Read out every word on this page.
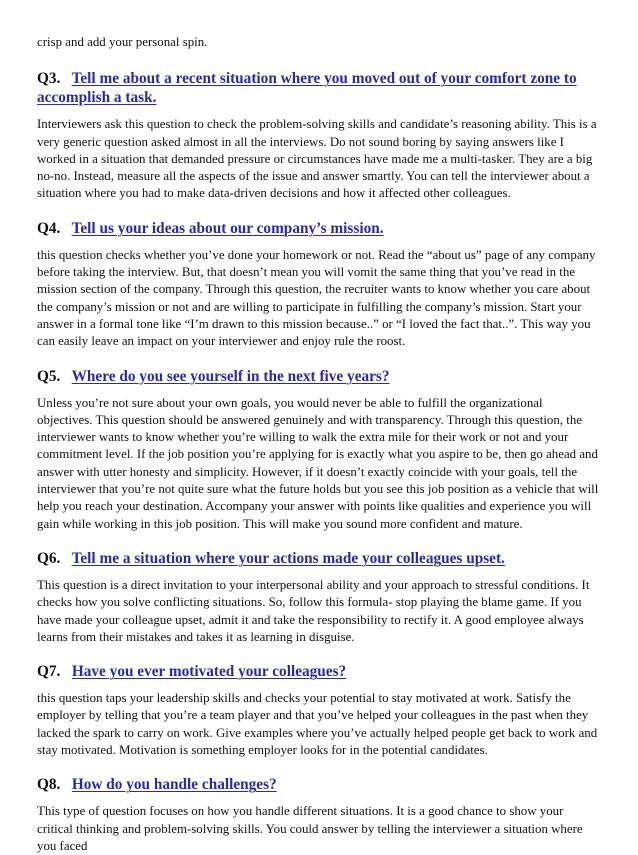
crisp and add your personal spin.

Q3.   Tell me about a recent situation where you moved out of your comfort zone to accomplish a task.

Interviewers ask this question to check the problem-solving skills and candidate’s reasoning ability. This is a very generic question asked almost in all the interviews. Do not sound boring by saying answers like I worked in a situation that demanded pressure or circumstances have made me a multi-tasker. They are a big no-no. Instead, measure all the aspects of the issue and answer smartly. You can tell the interviewer about a situation where you had to make data-driven decisions and how it affected other colleagues.

Q4.   Tell us your ideas about our company’s mission.

this question checks whether you’ve done your homework or not. Read the “about us” page of any company before taking the interview. But, that doesn’t mean you will vomit the same thing that you’ve read in the mission section of the company. Through this question, the recruiter wants to know whether you care about the company’s mission or not and are willing to participate in fulfilling the company’s mission. Start your answer in a formal tone like “I’m drawn to this mission because..” or “I loved the fact that..”. This way you can easily leave an impact on your interviewer and enjoy rule the roost.

Q5.   Where do you see yourself in the next five years?

Unless you’re not sure about your own goals, you would never be able to fulfill the organizational objectives. This question should be answered genuinely and with transparency. Through this question, the interviewer wants to know whether you’re willing to walk the extra mile for their work or not and your commitment level. If the job position you’re applying for is exactly what you aspire to be, then go ahead and answer with utter honesty and simplicity. However, if it doesn’t exactly coincide with your goals, tell the interviewer that you’re not quite sure what the future holds but you see this job position as a vehicle that will help you reach your destination. Accompany your answer with points like qualities and experience you will gain while working in this job position. This will make you sound more confident and mature.

Q6.   Tell me a situation where your actions made your colleagues upset.

This question is a direct invitation to your interpersonal ability and your approach to stressful conditions. It checks how you solve conflicting situations. So, follow this formula- stop playing the blame game. If you have made your colleague upset, admit it and take the responsibility to rectify it. A good employee always learns from their mistakes and takes it as learning in disguise.

Q7.   Have you ever motivated your colleagues?

this question taps your leadership skills and checks your potential to stay motivated at work. Satisfy the employer by telling that you’re a team player and that you’ve helped your colleagues in the past when they lacked the spark to carry on work. Give examples where you’ve actually helped people get back to work and stay motivated. Motivation is something employer looks for in the potential candidates.

Q8.   How do you handle challenges?

This type of question focuses on how you handle different situations. It is a good chance to show your critical thinking and problem-solving skills. You could answer by telling the interviewer a situation where you faced
